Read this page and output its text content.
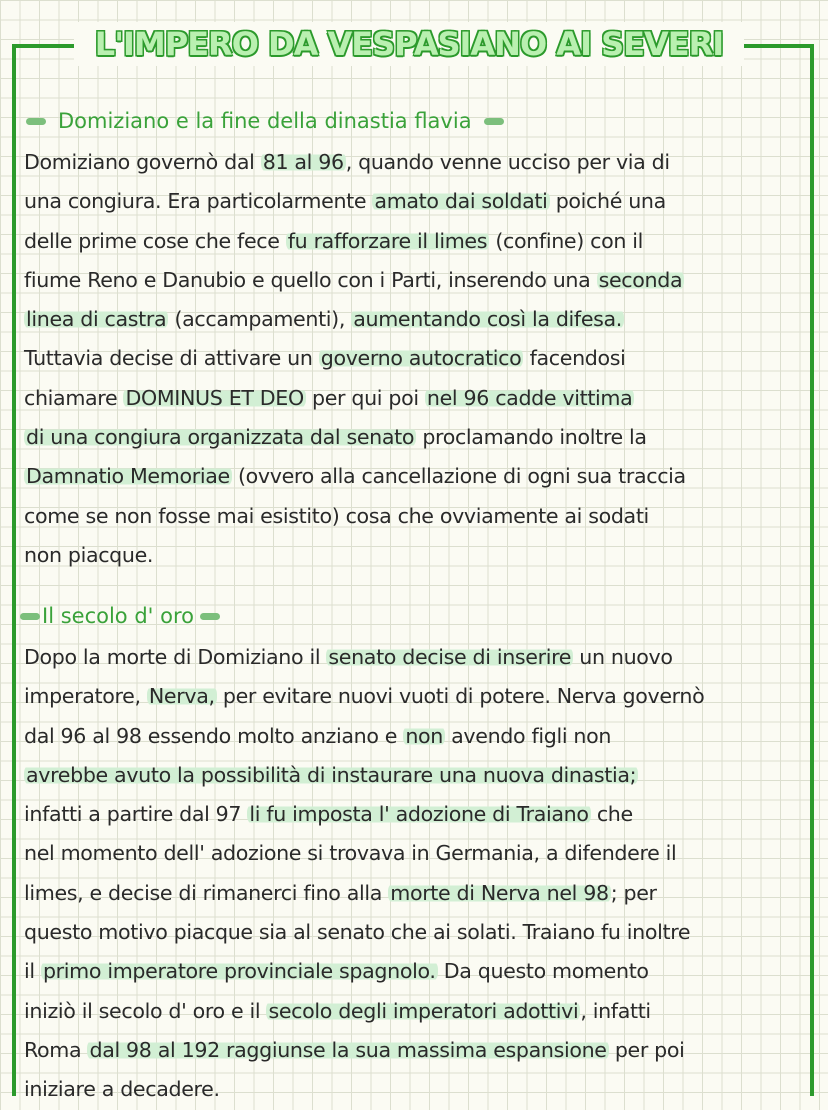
L'IMPERO DA VESPASIANO AI SEVERI
Domiziano e la fine della dinastia flavia
Domiziano governò dal 81 al 96, quando venne ucciso per via di
una congiura. Era particolarmente amato dai soldati poiché una
delle prime cose che fece fu rafforzare il limes (confine) con il
fiume Reno e Danubio e quello con i Parti, inserendo una seconda
linea di castra (accampamenti), aumentando così la difesa.
Tuttavia decise di attivare un governo autocratico facendosi
chiamare DOMINUS ET DEO per qui poi nel 96 cadde vittima
di una congiura organizzata dal senato proclamando inoltre la
Damnatio Memoriae (ovvero alla cancellazione di ogni sua traccia
come se non fosse mai esistito) cosa che ovviamente ai sodati
non piacque.
Il secolo d' oro
Dopo la morte di Domiziano il senato decise di inserire un nuovo
imperatore, Nerva, per evitare nuovi vuoti di potere. Nerva governò
dal 96 al 98 essendo molto anziano e non avendo figli non
avrebbe avuto la possibilità di instaurare una nuova dinastia;
infatti a partire dal 97 li fu imposta l' adozione di Traiano che
nel momento dell' adozione si trovava in Germania, a difendere il
limes, e decise di rimanerci fino alla morte di Nerva nel 98; per
questo motivo piacque sia al senato che ai solati. Traiano fu inoltre
il primo imperatore provinciale spagnolo. Da questo momento
iniziò il secolo d' oro e il secolo degli imperatori adottivi, infatti
Roma dal 98 al 192 raggiunse la sua massima espansione per poi
iniziare a decadere.
